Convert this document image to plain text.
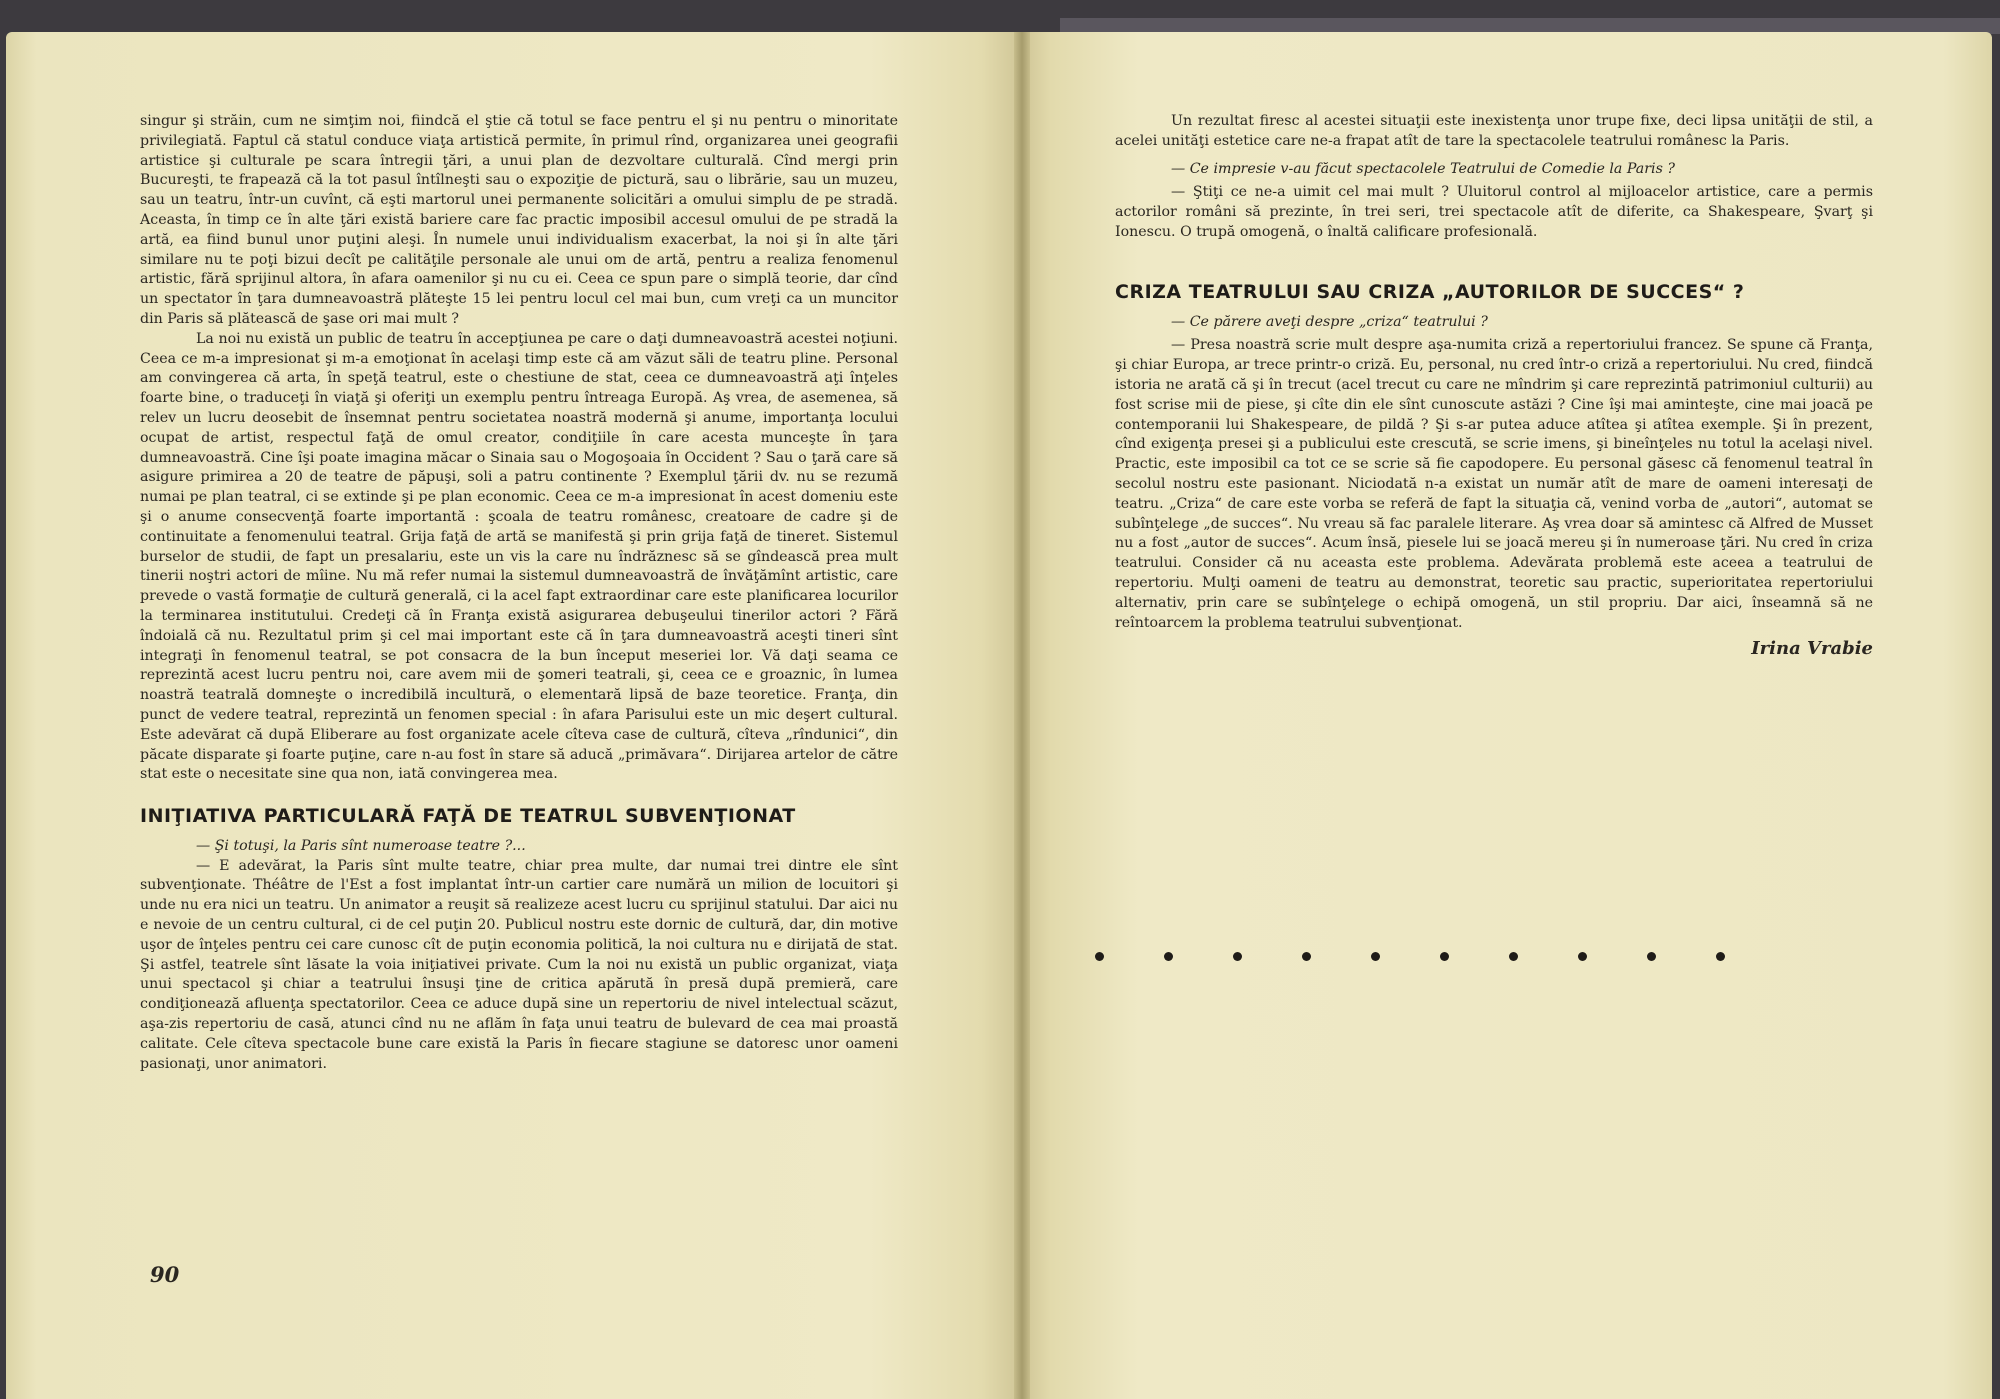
singur şi străin, cum ne simţim noi, fiindcă el ştie că totul se face pentru el şi nu pentru o minoritate privilegiată. Faptul că statul conduce viaţa artistică permite, în primul rînd, organizarea unei geografii artistice şi culturale pe scara întregii ţări, a unui plan de dezvoltare culturală. Cînd mergi prin Bucureşti, te frapează că la tot pasul întîlneşti sau o expoziţie de pictură, sau o librărie, sau un muzeu, sau un teatru, într-un cuvînt, că eşti martorul unei permanente solicitări a omului simplu de pe stradă. Aceasta, în timp ce în alte ţări există bariere care fac practic imposibil accesul omului de pe stradă la artă, ea fiind bunul unor puţini aleşi. În numele unui individualism exacerbat, la noi şi în alte ţări similare nu te poţi bizui decît pe calităţile personale ale unui om de artă, pentru a realiza fenomenul artistic, fără sprijinul altora, în afara oamenilor şi nu cu ei. Ceea ce spun pare o simplă teorie, dar cînd un spectator în ţara dumneavoastră plăteşte 15 lei pentru locul cel mai bun, cum vreţi ca un muncitor din Paris să plătească de şase ori mai mult ?

La noi nu există un public de teatru în accepţiunea pe care o daţi dumneavoastră acestei noţiuni. Ceea ce m-a impresionat şi m-a emoţionat în acelaşi timp este că am văzut săli de teatru pline. Personal am convingerea că arta, în speţă teatrul, este o chestiune de stat, ceea ce dumneavoastră aţi înţeles foarte bine, o traduceţi în viaţă şi oferiţi un exemplu pentru întreaga Europă. Aş vrea, de asemenea, să relev un lucru deosebit de însemnat pentru societatea noastră modernă şi anume, importanţa locului ocupat de artist, respectul faţă de omul creator, condiţiile în care acesta munceşte în ţara dumneavoastră. Cine îşi poate imagina măcar o Sinaia sau o Mogoşoaia în Occident ? Sau o ţară care să asigure primirea a 20 de teatre de păpuşi, soli a patru continente ? Exemplul ţării dv. nu se rezumă numai pe plan teatral, ci se extinde şi pe plan economic. Ceea ce m-a impresionat în acest domeniu este şi o anume consecvenţă foarte importantă : şcoala de teatru românesc, creatoare de cadre şi de continuitate a fenomenului teatral. Grija faţă de artă se manifestă şi prin grija faţă de tineret. Sistemul burselor de studii, de fapt un presalariu, este un vis la care nu îndrăznesc să se gîndească prea mult tinerii noştri actori de mîine. Nu mă refer numai la sistemul dumneavoastră de învăţămînt artistic, care prevede o vastă formaţie de cultură generală, ci la acel fapt extraordinar care este planificarea locurilor la terminarea institutului. Credeţi că în Franţa există asigurarea debuşeului tinerilor actori ? Fără îndoială că nu. Rezultatul prim şi cel mai important este că în ţara dumneavoastră aceşti tineri sînt integraţi în fenomenul teatral, se pot consacra de la bun început meseriei lor. Vă daţi seama ce reprezintă acest lucru pentru noi, care avem mii de şomeri teatrali, şi, ceea ce e groaznic, în lumea noastră teatrală domneşte o incredibilă incultură, o elementară lipsă de baze teoretice. Franţa, din punct de vedere teatral, reprezintă un fenomen special : în afara Parisului este un mic deşert cultural. Este adevărat că după Eliberare au fost organizate acele cîteva case de cultură, cîteva „rîndunici“, din păcate disparate şi foarte puţine, care n-au fost în stare să aducă „primăvara“. Dirijarea artelor de către stat este o necesitate sine qua non, iată convingerea mea.

INIŢIATIVA PARTICULARĂ FAŢĂ DE TEATRUL SUBVENŢIONAT

— Şi totuşi, la Paris sînt numeroase teatre ?...

— E adevărat, la Paris sînt multe teatre, chiar prea multe, dar numai trei dintre ele sînt subvenţionate. Théâtre de l'Est a fost implantat într-un cartier care numără un milion de locuitori şi unde nu era nici un teatru. Un animator a reuşit să realizeze acest lucru cu sprijinul statului. Dar aici nu e nevoie de un centru cultural, ci de cel puţin 20. Publicul nostru este dornic de cultură, dar, din motive uşor de înţeles pentru cei care cunosc cît de puţin economia politică, la noi cultura nu e dirijată de stat. Şi astfel, teatrele sînt lăsate la voia iniţiativei private. Cum la noi nu există un public organizat, viaţa unui spectacol şi chiar a teatrului însuşi ţine de critica apărută în presă după premieră, care condiţionează afluenţa spectatorilor. Ceea ce aduce după sine un repertoriu de nivel intelectual scăzut, aşa-zis repertoriu de casă, atunci cînd nu ne aflăm în faţa unui teatru de bulevard de cea mai proastă calitate. Cele cîteva spectacole bune care există la Paris în fiecare stagiune se datoresc unor oameni pasionaţi, unor animatori.

90

Un rezultat firesc al acestei situaţii este inexistenţa unor trupe fixe, deci lipsa unităţii de stil, a acelei unităţi estetice care ne-a frapat atît de tare la spectacolele teatrului românesc la Paris.

— Ce impresie v-au făcut spectacolele Teatrului de Comedie la Paris ?

— Ştiţi ce ne-a uimit cel mai mult ? Uluitorul control al mijloacelor artistice, care a permis actorilor români să prezinte, în trei seri, trei spectacole atît de diferite, ca Shakespeare, Şvarţ şi Ionescu. O trupă omogenă, o înaltă calificare profesională.

CRIZA TEATRULUI SAU CRIZA „AUTORILOR DE SUCCES“ ?

— Ce părere aveţi despre „criza“ teatrului ?

— Presa noastră scrie mult despre aşa-numita criză a repertoriului francez. Se spune că Franţa, şi chiar Europa, ar trece printr-o criză. Eu, personal, nu cred într-o criză a repertoriului. Nu cred, fiindcă istoria ne arată că şi în trecut (acel trecut cu care ne mîndrim şi care reprezintă patrimoniul culturii) au fost scrise mii de piese, şi cîte din ele sînt cunoscute astăzi ? Cine îşi mai aminteşte, cine mai joacă pe contemporanii lui Shakespeare, de pildă ? Şi s-ar putea aduce atîtea şi atîtea exemple. Şi în prezent, cînd exigenţa presei şi a publicului este crescută, se scrie imens, şi bineînţeles nu totul la acelaşi nivel. Practic, este imposibil ca tot ce se scrie să fie capodopere. Eu personal găsesc că fenomenul teatral în secolul nostru este pasionant. Niciodată n-a existat un număr atît de mare de oameni interesaţi de teatru. „Criza“ de care este vorba se referă de fapt la situaţia că, venind vorba de „autori“, automat se subînţelege „de succes“. Nu vreau să fac paralele literare. Aş vrea doar să amintesc că Alfred de Musset nu a fost „autor de succes“. Acum însă, piesele lui se joacă mereu şi în numeroase ţări. Nu cred în criza teatrului. Consider că nu aceasta este problema. Adevărata problemă este aceea a teatrului de repertoriu. Mulţi oameni de teatru au demonstrat, teoretic sau practic, superioritatea repertoriului alternativ, prin care se subînţelege o echipă omogenă, un stil propriu. Dar aici, înseamnă să ne reîntoarcem la problema teatrului subvenţionat.

Irina Vrabie
